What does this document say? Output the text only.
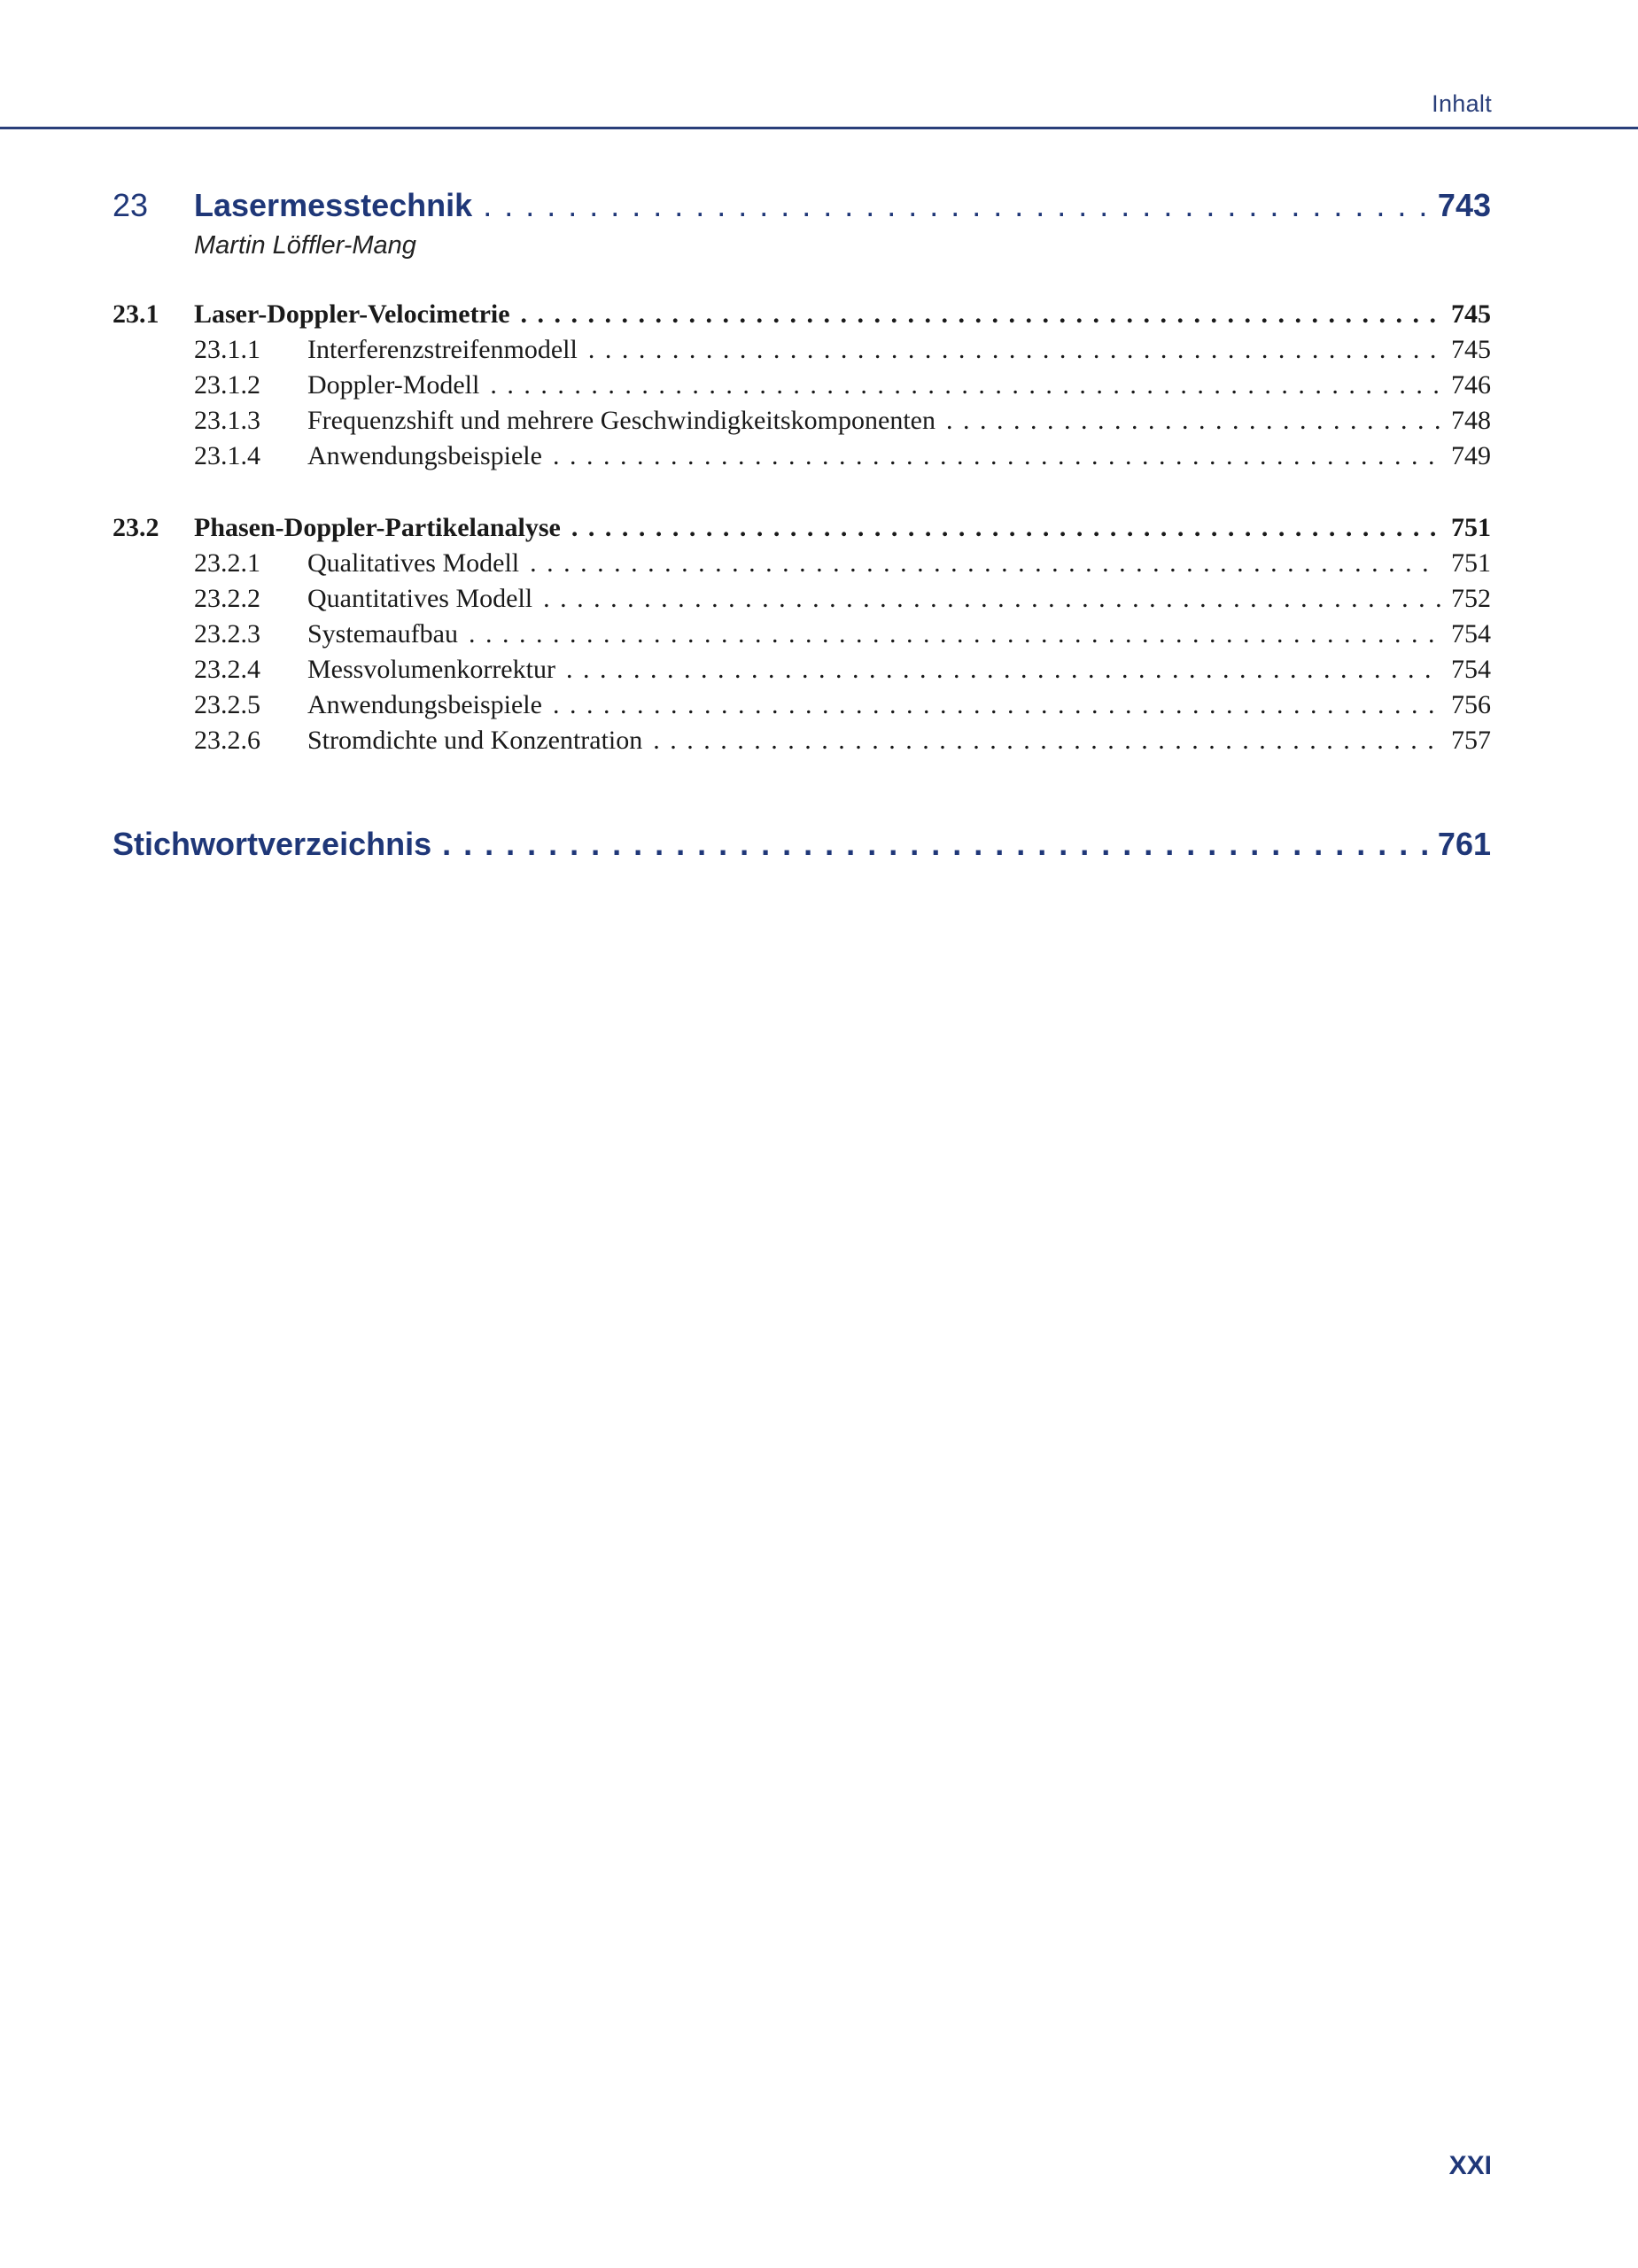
Inhalt
23	Lasermesstechnik . . .	743
Martin Löffler-Mang
23.1	Laser-Doppler-Velocimetrie . . .	745
23.1.1	Interferenzstreifenmodell . . .	745
23.1.2	Doppler-Modell . . .	746
23.1.3	Frequenzshift und mehrere Geschwindigkeitskomponenten . . .	748
23.1.4	Anwendungsbeispiele . . .	749
23.2	Phasen-Doppler-Partikelanalyse . . .	751
23.2.1	Qualitatives Modell . . .	751
23.2.2	Quantitatives Modell . . .	752
23.2.3	Systemaufbau . . .	754
23.2.4	Messvolumenkorrektur . . .	754
23.2.5	Anwendungsbeispiele . . .	756
23.2.6	Stromdichte und Konzentration . . .	757
Stichwortverzeichnis . . .	761
XXI
